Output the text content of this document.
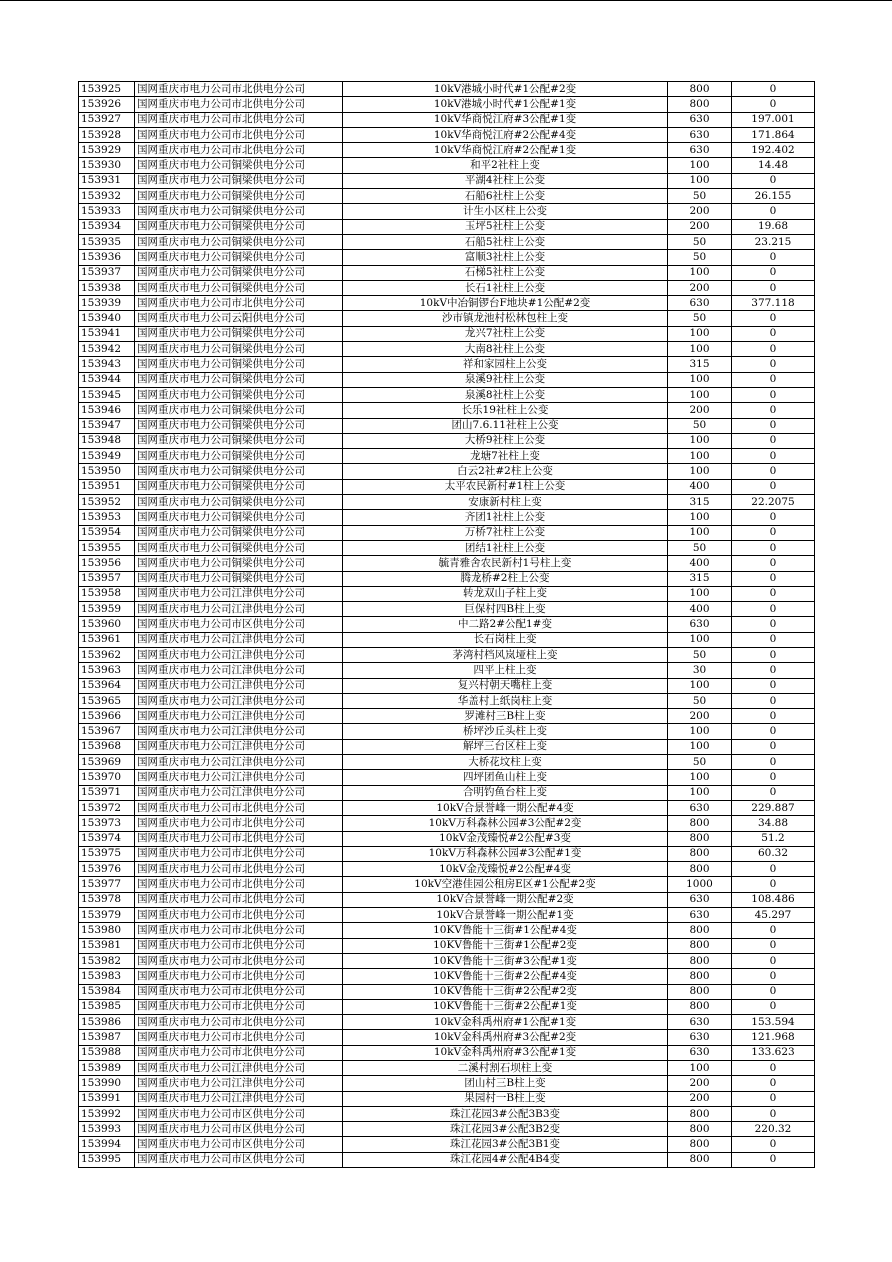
153925	国网重庆市电力公司市北供电分公司	10kV港城小时代#1公配#2变	800	0
153926	国网重庆市电力公司市北供电分公司	10kV港城小时代#1公配#1变	800	0
153927	国网重庆市电力公司市北供电分公司	10kV华商悦江府#3公配#1变	630	197.001
153928	国网重庆市电力公司市北供电分公司	10kV华商悦江府#2公配#4变	630	171.864
153929	国网重庆市电力公司市北供电分公司	10kV华商悦江府#2公配#1变	630	192.402
153930	国网重庆市电力公司铜梁供电分公司	和平2社柱上变	100	14.48
153931	国网重庆市电力公司铜梁供电分公司	平湖4社柱上公变	100	0
153932	国网重庆市电力公司铜梁供电分公司	石船6社柱上公变	50	26.155
153933	国网重庆市电力公司铜梁供电分公司	计生小区柱上公变	200	0
153934	国网重庆市电力公司铜梁供电分公司	玉坪5社柱上公变	200	19.68
153935	国网重庆市电力公司铜梁供电分公司	石船5社柱上公变	50	23.215
153936	国网重庆市电力公司铜梁供电分公司	富顺3社柱上公变	50	0
153937	国网重庆市电力公司铜梁供电分公司	石梯5社柱上公变	100	0
153938	国网重庆市电力公司铜梁供电分公司	长石1社柱上公变	200	0
153939	国网重庆市电力公司市北供电分公司	10kV中冶铜锣台F地块#1公配#2变	630	377.118
153940	国网重庆市电力公司云阳供电分公司	沙市镇龙池村松林包柱上变	50	0
153941	国网重庆市电力公司铜梁供电分公司	龙兴7社柱上公变	100	0
153942	国网重庆市电力公司铜梁供电分公司	大南8社柱上公变	100	0
153943	国网重庆市电力公司铜梁供电分公司	祥和家园柱上公变	315	0
153944	国网重庆市电力公司铜梁供电分公司	泉溪9社柱上公变	100	0
153945	国网重庆市电力公司铜梁供电分公司	泉溪8社柱上公变	100	0
153946	国网重庆市电力公司铜梁供电分公司	长乐19社柱上公变	200	0
153947	国网重庆市电力公司铜梁供电分公司	团山7.6.11社柱上公变	50	0
153948	国网重庆市电力公司铜梁供电分公司	大桥9社柱上公变	100	0
153949	国网重庆市电力公司铜梁供电分公司	龙塘7社柱上变	100	0
153950	国网重庆市电力公司铜梁供电分公司	白云2社#2柱上公变	100	0
153951	国网重庆市电力公司铜梁供电分公司	太平农民新村#1柱上公变	400	0
153952	国网重庆市电力公司铜梁供电分公司	安康新村柱上变	315	22.2075
153953	国网重庆市电力公司铜梁供电分公司	齐团1社柱上公变	100	0
153954	国网重庆市电力公司铜梁供电分公司	万桥7社柱上公变	100	0
153955	国网重庆市电力公司铜梁供电分公司	团结1社柱上公变	50	0
153956	国网重庆市电力公司铜梁供电分公司	毓青雅舍农民新村1号柱上变	400	0
153957	国网重庆市电力公司铜梁供电分公司	腾龙桥#2柱上公变	315	0
153958	国网重庆市电力公司江津供电分公司	转龙双山子柱上变	100	0
153959	国网重庆市电力公司江津供电分公司	巨保村四B柱上变	400	0
153960	国网重庆市电力公司市区供电分公司	中二路2#公配1#变	630	0
153961	国网重庆市电力公司江津供电分公司	长石岗柱上变	100	0
153962	国网重庆市电力公司江津供电分公司	茅湾村档风岚垭柱上变	50	0
153963	国网重庆市电力公司江津供电分公司	四平上柱上变	30	0
153964	国网重庆市电力公司江津供电分公司	复兴村朝天嘴柱上变	100	0
153965	国网重庆市电力公司江津供电分公司	华盖村上纸岗柱上变	50	0
153966	国网重庆市电力公司江津供电分公司	罗滩村三B柱上变	200	0
153967	国网重庆市电力公司江津供电分公司	桥坪沙丘头柱上变	100	0
153968	国网重庆市电力公司江津供电分公司	解坪三台区柱上变	100	0
153969	国网重庆市电力公司江津供电分公司	大桥花坟柱上变	50	0
153970	国网重庆市电力公司江津供电分公司	四坪团鱼山柱上变	100	0
153971	国网重庆市电力公司江津供电分公司	合明钓鱼台柱上变	100	0
153972	国网重庆市电力公司市北供电分公司	10kV合景誉峰一期公配#4变	630	229.887
153973	国网重庆市电力公司市北供电分公司	10kV万科森林公园#3公配#2变	800	34.88
153974	国网重庆市电力公司市北供电分公司	10kV金茂臻悦#2公配#3变	800	51.2
153975	国网重庆市电力公司市北供电分公司	10kV万科森林公园#3公配#1变	800	60.32
153976	国网重庆市电力公司市北供电分公司	10kV金茂臻悦#2公配#4变	800	0
153977	国网重庆市电力公司市北供电分公司	10kV空港佳园公租房E区#1公配#2变	1000	0
153978	国网重庆市电力公司市北供电分公司	10kV合景誉峰一期公配#2变	630	108.486
153979	国网重庆市电力公司市北供电分公司	10kV合景誉峰一期公配#1变	630	45.297
153980	国网重庆市电力公司市北供电分公司	10KV鲁能十三街#1公配#4变	800	0
153981	国网重庆市电力公司市北供电分公司	10KV鲁能十三街#1公配#2变	800	0
153982	国网重庆市电力公司市北供电分公司	10KV鲁能十三街#3公配#1变	800	0
153983	国网重庆市电力公司市北供电分公司	10KV鲁能十三街#2公配#4变	800	0
153984	国网重庆市电力公司市北供电分公司	10KV鲁能十三街#2公配#2变	800	0
153985	国网重庆市电力公司市北供电分公司	10KV鲁能十三街#2公配#1变	800	0
153986	国网重庆市电力公司市北供电分公司	10kV金科禹州府#1公配#1变	630	153.594
153987	国网重庆市电力公司市北供电分公司	10kV金科禹州府#3公配#2变	630	121.968
153988	国网重庆市电力公司市北供电分公司	10kV金科禹州府#3公配#1变	630	133.623
153989	国网重庆市电力公司江津供电分公司	二溪村割石坝柱上变	100	0
153990	国网重庆市电力公司江津供电分公司	团山村三B柱上变	200	0
153991	国网重庆市电力公司江津供电分公司	果园村一B柱上变	200	0
153992	国网重庆市电力公司市区供电分公司	珠江花园3#公配3B3变	800	0
153993	国网重庆市电力公司市区供电分公司	珠江花园3#公配3B2变	800	220.32
153994	国网重庆市电力公司市区供电分公司	珠江花园3#公配3B1变	800	0
153995	国网重庆市电力公司市区供电分公司	珠江花园4#公配4B4变	800	0
